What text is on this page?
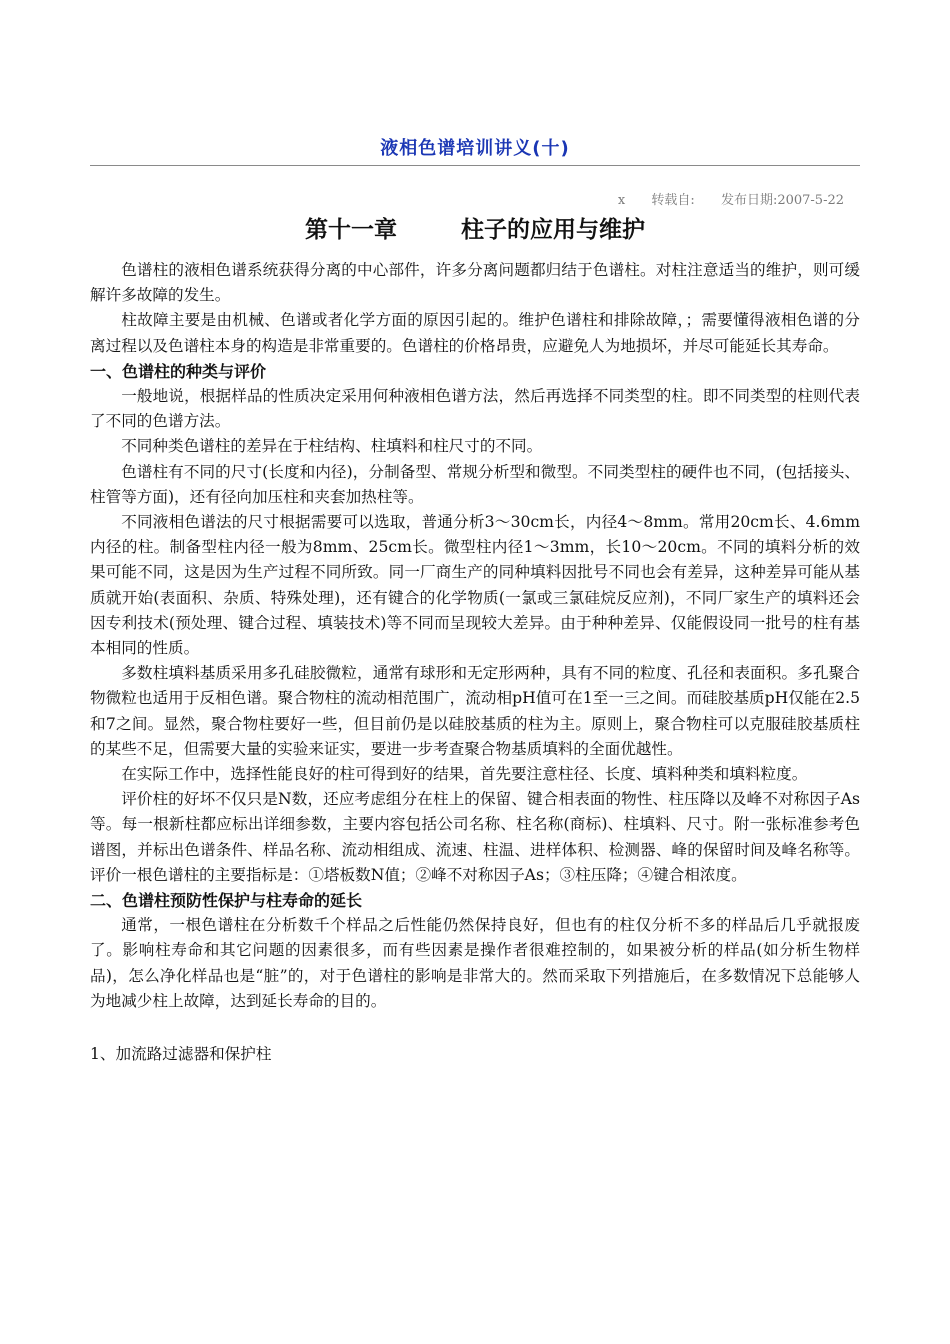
液相色谱培训讲义(十)
x 转载自: 发布日期:2007-5-22
第十一章        柱子的应用与维护

色谱柱的液相色谱系统获得分离的中心部件，许多分离问题都归结于色谱柱。对柱注意适当的维护，则可缓解许多故障的发生。

柱故障主要是由机械、色谱或者化学方面的原因引起的。维护色谱柱和排除故障，；需要懂得液相色谱的分离过程以及色谱柱本身的构造是非常重要的。色谱柱的价格昂贵，应避免人为地损坏，并尽可能延长其寿命。

一、色谱柱的种类与评价

一般地说，根据样品的性质决定采用何种液相色谱方法，然后再选择不同类型的柱。即不同类型的柱则代表了不同的色谱方法。

不同种类色谱柱的差异在于柱结构、柱填料和柱尺寸的不同。

色谱柱有不同的尺寸(长度和内径)，分制备型、常规分析型和微型。不同类型柱的硬件也不同，(包括接头、柱管等方面)，还有径向加压柱和夹套加热柱等。

不同液相色谱法的尺寸根据需要可以选取，普通分析3～30cm长，内径4～8mm。常用20cm长、4.6mm内径的柱。制备型柱内径一般为8mm、25cm长。微型柱内径1～3mm，长10～20cm。不同的填料分析的效果可能不同，这是因为生产过程不同所致。同一厂商生产的同种填料因批号不同也会有差异，这种差异可能从基质就开始(表面积、杂质、特殊处理)，还有键合的化学物质(一氯或三氯硅烷反应剂)，不同厂家生产的填料还会因专利技术(预处理、键合过程、填装技术)等不同而呈现较大差异。由于种种差异、仅能假设同一批号的柱有基本相同的性质。

多数柱填料基质采用多孔硅胶微粒，通常有球形和无定形两种，具有不同的粒度、孔径和表面积。多孔聚合物微粒也适用于反相色谱。聚合物柱的流动相范围广，流动相pH值可在1至一三之间。而硅胶基质pH仅能在2.5和7之间。显然，聚合物柱要好一些，但目前仍是以硅胶基质的柱为主。原则上，聚合物柱可以克服硅胶基质柱的某些不足，但需要大量的实验来证实，要进一步考查聚合物基质填料的全面优越性。

在实际工作中，选择性能良好的柱可得到好的结果，首先要注意柱径、长度、填料种类和填料粒度。

评价柱的好坏不仅只是N数，还应考虑组分在柱上的保留、键合相表面的物性、柱压降以及峰不对称因子As等。每一根新柱都应标出详细参数，主要内容包括公司名称、柱名称(商标)、柱填料、尺寸。附一张标准参考色谱图，并标出色谱条件、样品名称、流动相组成、流速、柱温、进样体积、检测器、峰的保留时间及峰名称等。评价一根色谱柱的主要指标是：①塔板数N值；②峰不对称因子As；③柱压降；④键合相浓度。

二、色谱柱预防性保护与柱寿命的延长

通常，一根色谱柱在分析数千个样品之后性能仍然保持良好，但也有的柱仅分析不多的样品后几乎就报废了。影响柱寿命和其它问题的因素很多，而有些因素是操作者很难控制的，如果被分析的样品(如分析生物样品)，怎么净化样品也是“脏”的，对于色谱柱的影响是非常大的。然而采取下列措施后，在多数情况下总能够人为地减少柱上故障，达到延长寿命的目的。

1、加流路过滤器和保护柱
